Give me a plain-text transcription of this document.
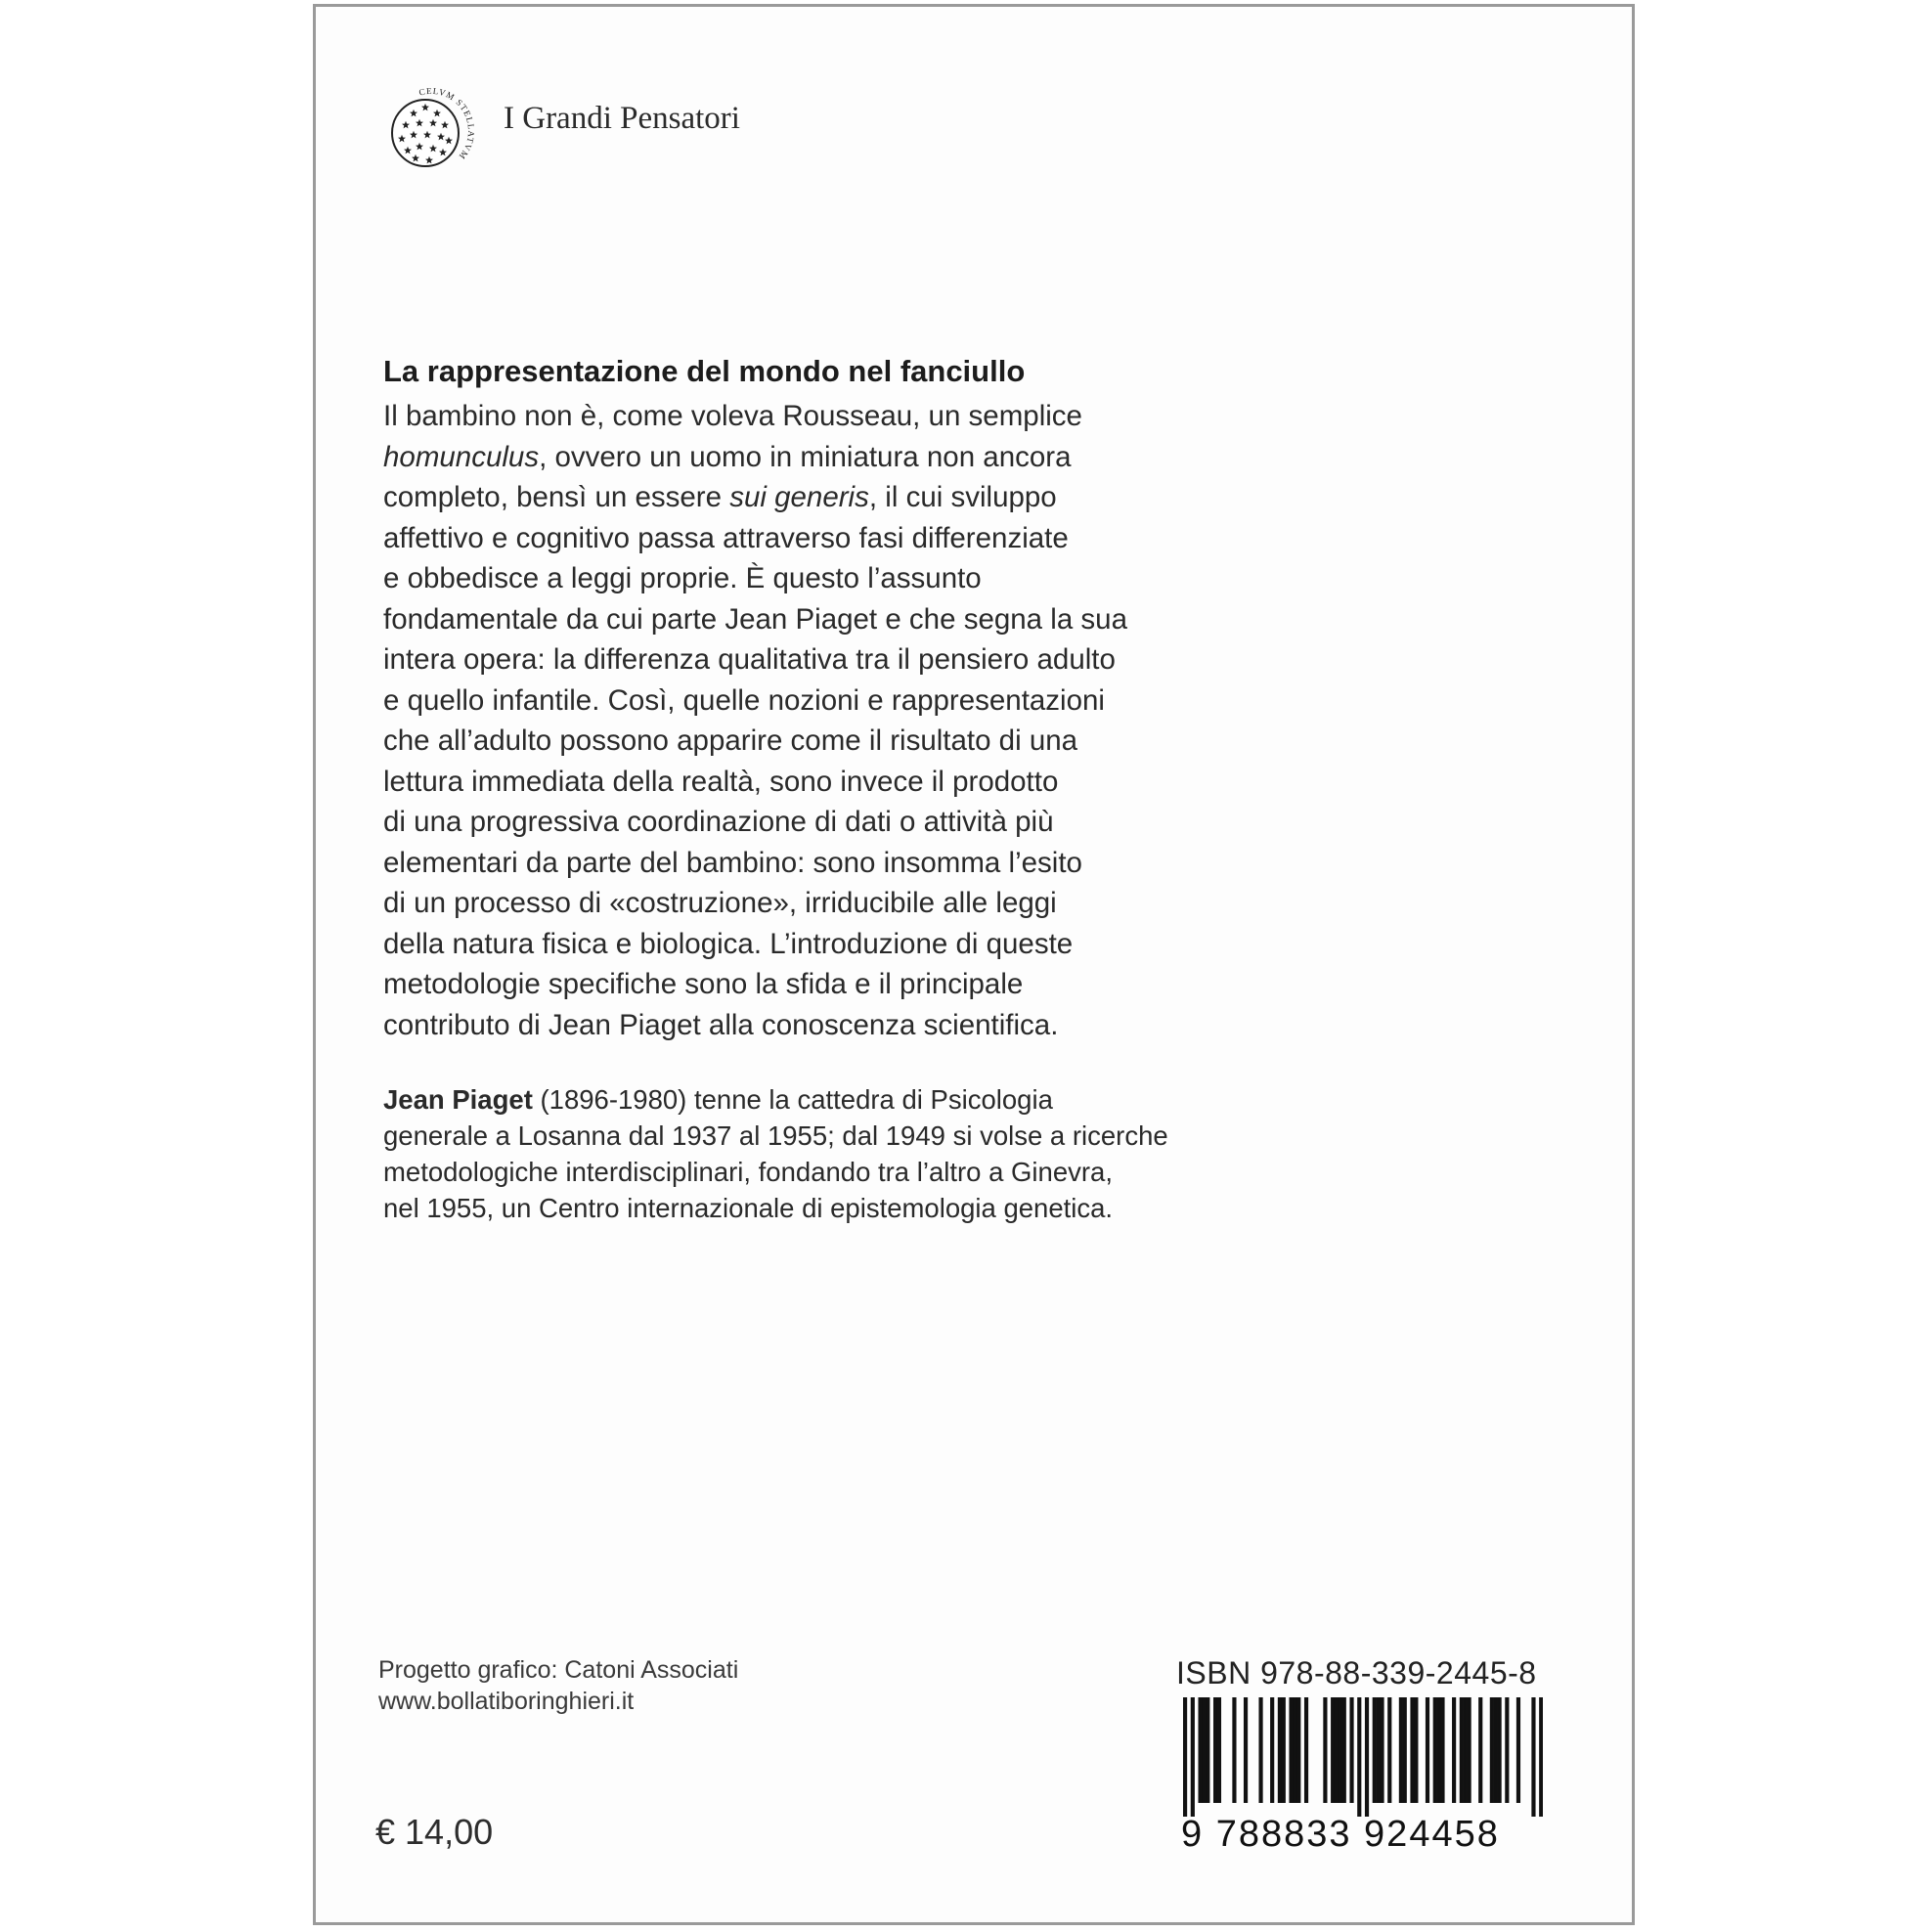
CELVM STELLATVM
I Grandi Pensatori
La rappresentazione del mondo nel fanciullo
Il bambino non è, come voleva Rousseau, un semplice
homunculus, ovvero un uomo in miniatura non ancora
completo, bensì un essere sui generis, il cui sviluppo
affettivo e cognitivo passa attraverso fasi differenziate
e obbedisce a leggi proprie. È questo l’assunto
fondamentale da cui parte Jean Piaget e che segna la sua
intera opera: la differenza qualitativa tra il pensiero adulto
e quello infantile. Così, quelle nozioni e rappresentazioni
che all’adulto possono apparire come il risultato di una
lettura immediata della realtà, sono invece il prodotto
di una progressiva coordinazione di dati o attività più
elementari da parte del bambino: sono insomma l’esito
di un processo di «costruzione», irriducibile alle leggi
della natura fisica e biologica. L’introduzione di queste
metodologie specifiche sono la sfida e il principale
contributo di Jean Piaget alla conoscenza scientifica.
Jean Piaget (1896-1980) tenne la cattedra di Psicologia
generale a Losanna dal 1937 al 1955; dal 1949 si volse a ricerche
metodologiche interdisciplinari, fondando tra l’altro a Ginevra,
nel 1955, un Centro internazionale di epistemologia genetica.
Progetto grafico: Catoni Associati
www.bollatiboringhieri.it
€ 14,00
ISBN 978-88-339-2445-8
9 788833 924458
